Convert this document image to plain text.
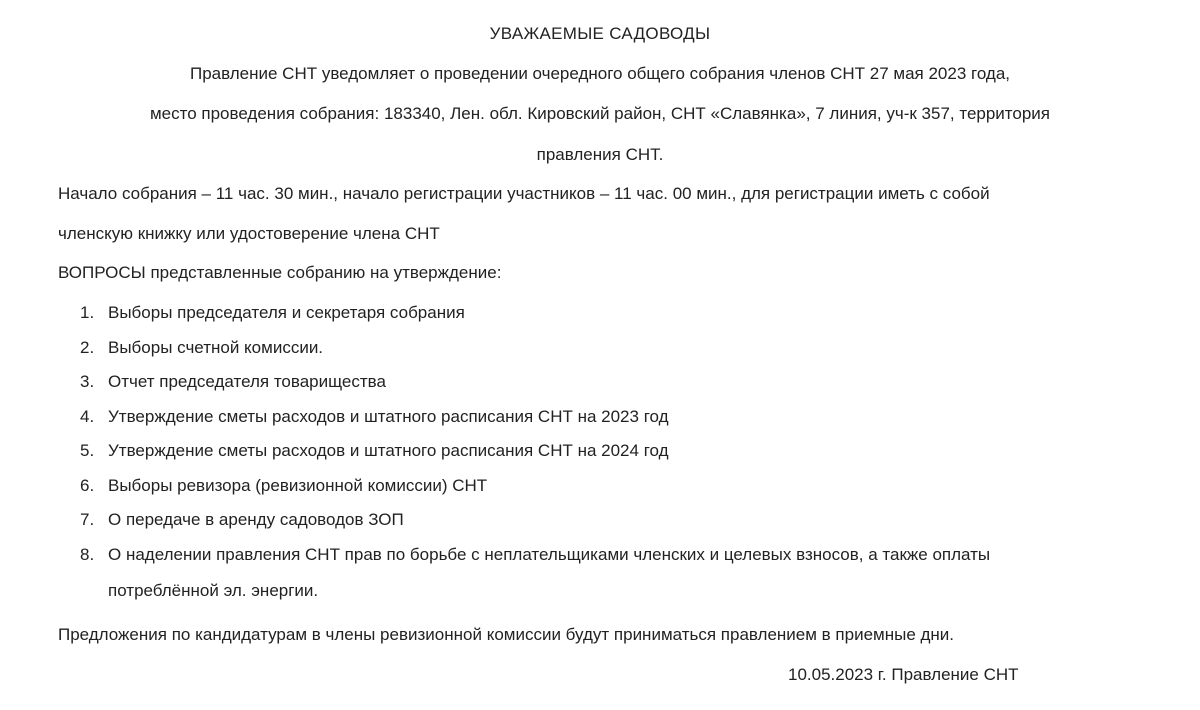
УВАЖАЕМЫЕ САДОВОДЫ
Правление СНТ уведомляет о проведении очередного общего собрания членов СНТ 27 мая 2023 года,
место проведения собрания: 183340, Лен. обл. Кировский район, СНТ «Славянка», 7 линия, уч-к 357, территория
правления СНТ.
Начало собрания – 11 час. 30 мин., начало регистрации участников – 11 час. 00 мин., для регистрации иметь с собой
членскую книжку или удостоверение члена СНТ
ВОПРОСЫ представленные собранию на утверждение:
1. Выборы председателя и секретаря собрания
2. Выборы счетной комиссии.
3. Отчет председателя товарищества
4. Утверждение сметы расходов и штатного расписания СНТ на 2023 год
5. Утверждение сметы расходов и штатного расписания СНТ на 2024 год
6. Выборы ревизора (ревизионной комиссии) СНТ
7. О передаче в аренду садоводов ЗОП
8. О наделении правления СНТ прав по борьбе с неплательщиками членских и целевых взносов, а также оплаты
потреблённой эл. энергии.
Предложения по кандидатурам в члены ревизионной комиссии будут приниматься правлением в приемные дни.
10.05.2023 г. Правление СНТ
